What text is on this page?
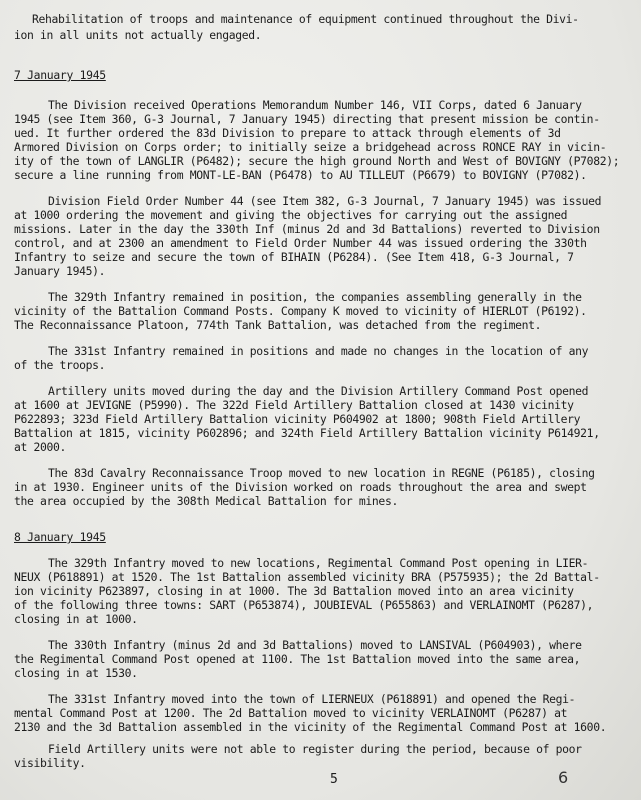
Rehabilitation of troops and maintenance of equipment continued throughout the Divi-
ion in all units not actually engaged.
7 January 1945
The Division received Operations Memorandum Number 146, VII Corps, dated 6 January
1945 (see Item 360, G-3 Journal, 7 January 1945) directing that present mission be contin-
ued. It further ordered the 83d Division to prepare to attack through elements of 3d
Armored Division on Corps order; to initially seize a bridgehead across RONCE RAY in vicin-
ity of the town of LANGLIR (P6482); secure the high ground North and West of BOVIGNY (P7082);
secure a line running from MONT-LE-BAN (P6478) to AU TILLEUT (P6679) to BOVIGNY (P7082).
Division Field Order Number 44 (see Item 382, G-3 Journal, 7 January 1945) was issued
at 1000 ordering the movement and giving the objectives for carrying out the assigned
missions. Later in the day the 330th Inf (minus 2d and 3d Battalions) reverted to Division
control, and at 2300 an amendment to Field Order Number 44 was issued ordering the 330th
Infantry to seize and secure the town of BIHAIN (P6284). (See Item 418, G-3 Journal, 7
January 1945).
The 329th Infantry remained in position, the companies assembling generally in the
vicinity of the Battalion Command Posts. Company K moved to vicinity of HIERLOT (P6192).
The Reconnaissance Platoon, 774th Tank Battalion, was detached from the regiment.
The 331st Infantry remained in positions and made no changes in the location of any
of the troops.
Artillery units moved during the day and the Division Artillery Command Post opened
at 1600 at JEVIGNE (P5990). The 322d Field Artillery Battalion closed at 1430 vicinity
P622893; 323d Field Artillery Battalion vicinity P604902 at 1800; 908th Field Artillery
Battalion at 1815, vicinity P602896; and 324th Field Artillery Battalion vicinity P614921,
at 2000.
The 83d Cavalry Reconnaissance Troop moved to new location in REGNE (P6185), closing
in at 1930. Engineer units of the Division worked on roads throughout the area and swept
the area occupied by the 308th Medical Battalion for mines.
8 January 1945
The 329th Infantry moved to new locations, Regimental Command Post opening in LIER-
NEUX (P618891) at 1520. The 1st Battalion assembled vicinity BRA (P575935); the 2d Battal-
ion vicinity P623897, closing in at 1000. The 3d Battalion moved into an area vicinity
of the following three towns: SART (P653874), JOUBIEVAL (P655863) and VERLAINOMT (P6287),
closing in at 1000.
The 330th Infantry (minus 2d and 3d Battalions) moved to LANSIVAL (P604903), where
the Regimental Command Post opened at 1100. The 1st Battalion moved into the same area,
closing in at 1530.
The 331st Infantry moved into the town of LIERNEUX (P618891) and opened the Regi-
mental Command Post at 1200. The 2d Battalion moved to vicinity VERLAINOMT (P6287) at
2130 and the 3d Battalion assembled in the vicinity of the Regimental Command Post at 1600.
Field Artillery units were not able to register during the period, because of poor
visibility.
5	6
